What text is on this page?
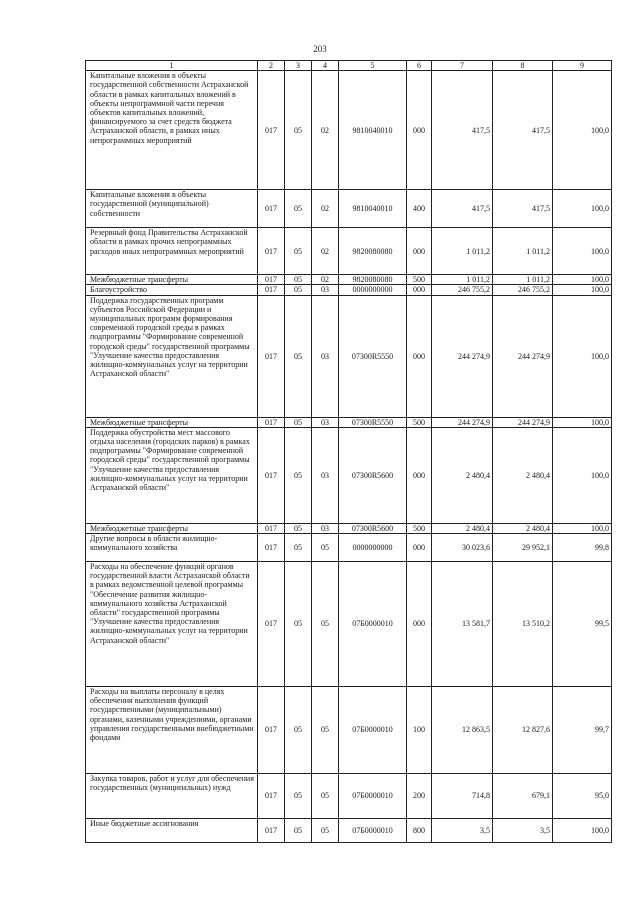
203
1	2	3	4	5	6	7	8	9

Капитальные вложения в объекты государственной собственности Астраханской области в рамках капитальных вложений в объекты непрограммной части перечня объектов капитальных вложений, финансируемого за счет средств бюджета Астраханской области, в рамках иных непрограммных мероприятий	017	05	02	9810040010	000	417,5	417,5	100,0

Капитальные вложения в объекты государственной (муниципальной) собственности	017	05	02	9810040010	400	417,5	417,5	100,0

Резервный фонд Правительства Астраханской области в рамках прочих непрограммных расходов иных непрограммных мероприятий	017	05	02	9820080080	000	1 011,2	1 011,2	100,0

Межбюджетные трансферты	017	05	02	9820080080	500	1 011,2	1 011,2	100,0

Благоустройство	017	05	03	0000000000	000	246 755,2	246 755,2	100,0

Поддержка государственных программ субъектов Российской Федерации и муниципальных программ формирования современной городской среды в рамках подпрограммы "Формирование современной городской среды" государственной программы "Улучшение качества предоставления жилищно-коммунальных услуг на территории Астраханской области"	017	05	03	07300R5550	000	244 274,9	244 274,9	100,0

Межбюджетные трансферты	017	05	03	07300R5550	500	244 274,9	244 274,9	100,0

Поддержка обустройства мест массового отдыха населения (городских парков) в рамках подпрограммы "Формирование современной городской среды" государственной программы "Улучшение качества предоставления жилищно-коммунальных услуг на территории Астраханской области"	017	05	03	07300R5600	000	2 480,4	2 480,4	100,0

Межбюджетные трансферты	017	05	03	07300R5600	500	2 480,4	2 480,4	100,0

Другие вопросы в области жилищно-коммунального хозяйства	017	05	05	0000000000	000	30 023,6	29 952,1	99,8

Расходы на обеспечение функций органов государственной власти Астраханской области в рамках ведомственной целевой программы "Обеспечение развития жилищно-коммунального хозяйства Астраханской области" государственной программы "Улучшение качества предоставления жилищно-коммунальных услуг на территории Астраханской области"	017	05	05	07Б0000010	000	13 581,7	13 510,2	99,5

Расходы на выплаты персоналу в целях обеспечения выполнения функций государственными (муниципальными) органами, казенными учреждениями, органами управления государственными внебюджетными фондами	017	05	05	07Б0000010	100	12 863,5	12 827,6	99,7

Закупка товаров, работ и услуг для обеспечения государственных (муниципальных) нужд	017	05	05	07Б0000010	200	714,8	679,1	95,0

Иные бюджетные ассигнования	017	05	05	07Б0000010	800	3,5	3,5	100,0
